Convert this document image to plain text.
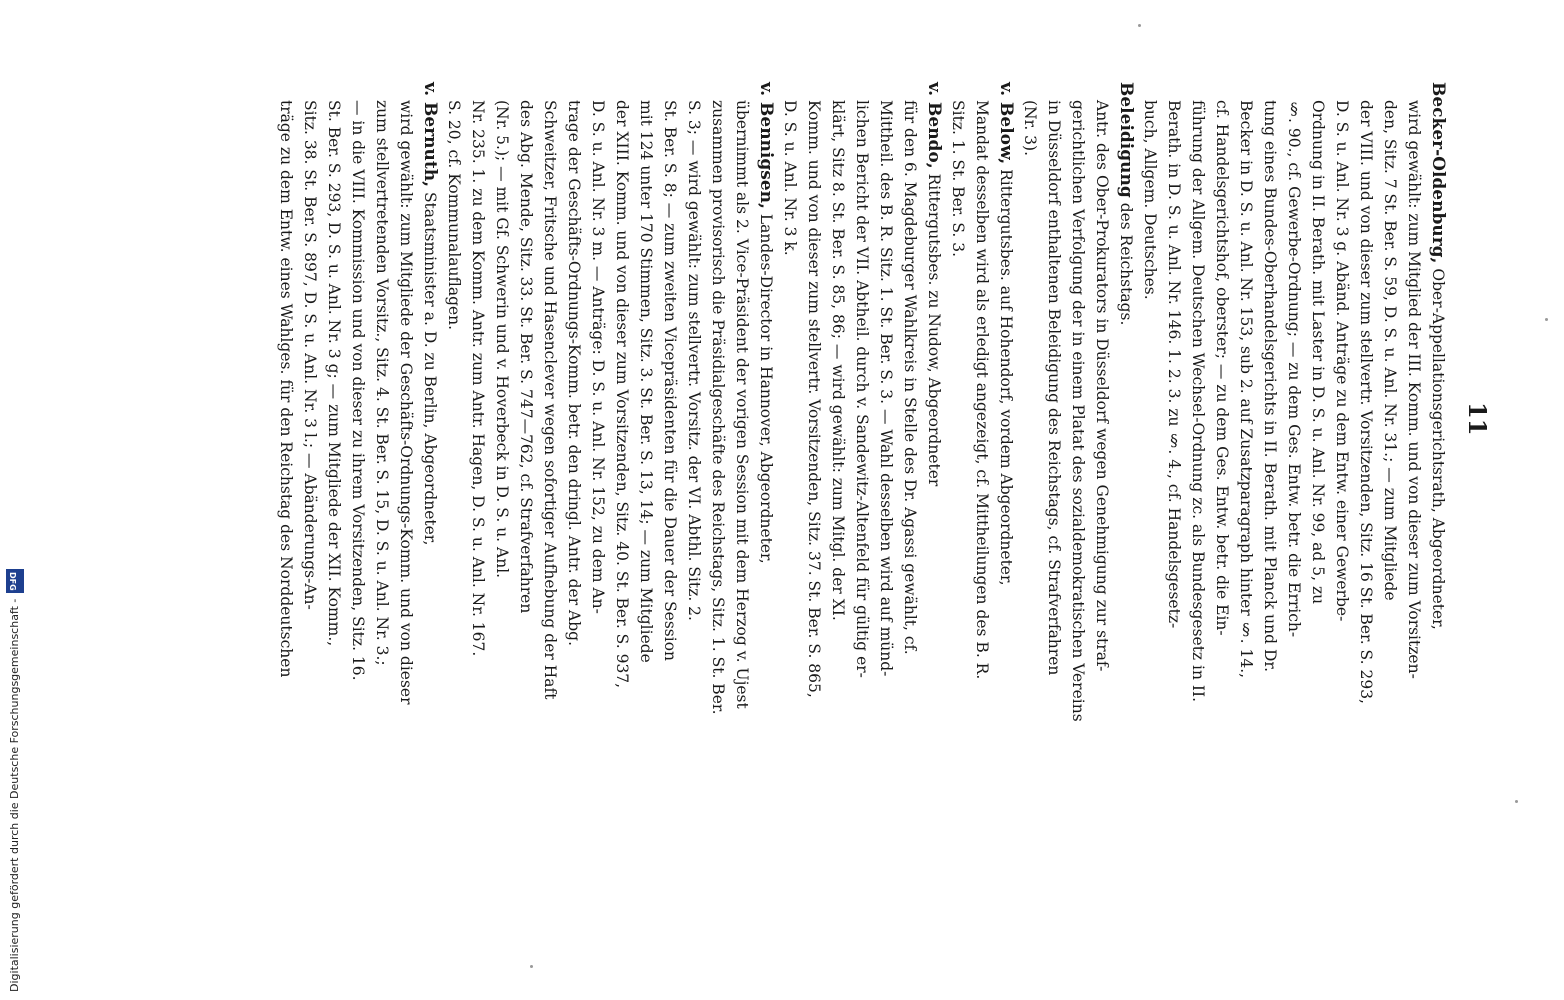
11
Becker-Oldenburg, Ober-Appellationsgerichtsrath, Abgeordneter,
wird gewählt: zum Mitglied der III. Komm. und von dieser zum Vorsitzen-
den, Sitz. 7 St. Ber. S. 59, D. S. u. Anl. Nr. 31.; — zum Mitgliede
der VIII. und von dieser zum stellvertr. Vorsitzenden, Sitz. 16 St. Ber. S. 293,
D. S. u. Anl. Nr. 3 g. Abänd. Anträge zu dem Entw. einer Gewerbe-
Ordnung in II. Berath. mit Laster in D. S. u. Anl. Nr. 99, ad 5, zu
§. 90., cf. Gewerbe-Ordnung; — zu dem Ges. Entw. betr. die Errich-
tung eines Bundes-Oberhandelsgerichts in II. Berath. mit Planck und Dr.
Becker in D. S. u. Anl. Nr. 153, sub 2. auf Zusatzparagraph hinter §. 14.,
cf. Handelsgerichtshof, oberster; — zu dem Ges. Entw. betr. die Ein-
führung der Allgem. Deutschen Wechsel-Ordnung zc. als Bundesgesetz in II.
Berath. in D. S. u. Anl. Nr. 146. 1. 2. 3. zu §. 4., cf. Handelsgesetz-
buch, Allgem. Deutsches.
Beleidigung des Reichstags.
Antr. des Ober-Prokurators in Düsseldorf wegen Genehmigung zur straf-
gerichtlichen Verfolgung der in einem Platat des sozialdemokratischen Vereins
in Düsseldorf enthaltenen Beleidigung des Reichstags, cf. Strafverfahren
(Nr. 3).
v. Below, Rittergutsbes. auf Hohendorf, vordem Abgeordneter,
Mandat desselben wird als erledigt angezeigt, cf. Mittheilungen des B. R.
Sitz. 1. St. Ber. S. 3.
v. Bendo, Rittergutsbes. zu Nudow, Abgeordneter
für den 6. Magdeburger Wahlkreis in Stelle des Dr. Agassi gewählt, cf.
Mittheil. des B. R. Sitz. 1. St. Ber. S. 3. — Wahl desselben wird auf münd-
lichen Bericht der VII. Abtheil. durch v. Sandewitz-Altenfeld für gültig er-
klärt, Sitz 8. St. Ber. S. 85, 86; — wird gewählt: zum Mitgl. der XI.
Komm. und von dieser zum stellvertr. Vorsitzenden, Sitz. 37. St. Ber. S. 865,
D. S. u. Anl. Nr. 3 k.
v. Bennigsen, Landes-Director in Hannover, Abgeordneter,
übernimmt als 2. Vice-Präsident der vorigen Session mit dem Herzog v. Ujest
zusammen provisorisch die Präsidialgeschäfte des Reichstags, Sitz. 1. St. Ber.
S. 3; — wird gewählt: zum stellvertr. Vorsitz. der VI. Abthl. Sitz. 2.
St. Ber. S. 8; — zum zweiten Vicepräsidenten für die Dauer der Session
mit 124 unter 170 Stimmen, Sitz. 3. St. Ber. S. 13, 14; — zum Mitgliede
der XIII. Komm. und von dieser zum Vorsitzenden, Sitz. 40. St. Ber. S. 937,
D. S. u. Anl. Nr. 3 m. — Anträge: D. S. u. Anl. Nr. 152, zu dem An-
trage der Geschäfts-Ordnungs-Komm. betr. den dringl. Antr. der Abg.
Schweitzer, Fritsche und Hasenclever wegen sofortiger Aufhebung der Haft
des Abg. Mende, Sitz. 33. St. Ber. S. 747—762, cf. Strafverfahren
(Nr. 5.); — mit Gf. Schwerin und v. Hoverbeck in D. S. u. Anl.
Nr. 235. 1. zu dem Komm. Antr. zum Antr. Hagen, D. S. u. Anl. Nr. 167.
S. 20, cf. Kommunalauflagen.
v. Bernuth, Staatsminister a. D. zu Berlin, Abgeordneter,
wird gewählt: zum Mitgliede der Geschäfts-Ordnungs-Komm. und von dieser
zum stellvertretenden Vorsitz., Sitz. 4. St. Ber. S. 15, D. S. u. Anl. Nr. 3.;
— in die VIII. Kommission und von dieser zu ihrem Vorsitzenden, Sitz. 16.
St. Ber. S. 293, D. S. u. Anl. Nr. 3 g; — zum Mitgliede der XII. Komm.,
Sitz. 38. St. Ber. S. 897, D. S. u. Anl. Nr. 3 l.; — Abänderungs-An-
träge zu dem Entw. eines Wahlges. für den Reichstag des Norddeutschen
Digitalisierung gefördert durch die Deutsche Forschungsgemeinschaft -
DFG
